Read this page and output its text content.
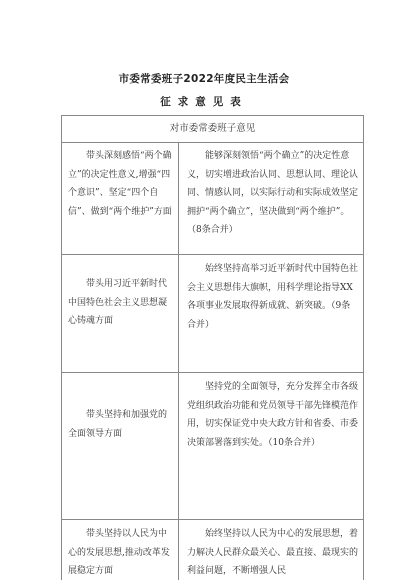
市委常委班子2022年度民主生活会
征求意见表
对市委常委班子意见
带头深刻感悟“两个确立”的决定性意义,增强“四个意识”、坚定“四个自信”、做到“两个维护”方面
能够深刻领悟“两个确立”的决定性意义，切实增进政治认同、思想认同、理论认同、情感认同，以实际行动和实际成效坚定拥护“两个确立”，坚决做到“两个维护”。（8条合并）
带头用习近平新时代中国特色社会主义思想凝心铸魂方面
始终坚持高举习近平新时代中国特色社会主义思想伟大旗帜，用科学理论指导XX各项事业发展取得新成就、新突破。（9条合并）
带头坚持和加强党的全面领导方面
坚持党的全面领导，充分发挥全市各级党组织政治功能和党员领导干部先锋模范作用，切实保证党中央大政方针和省委、市委决策部署落到实处。（10条合并）
带头坚持以人民为中心的发展思想,推动改革发展稳定方面
始终坚持以人民为中心的发展思想，着力解决人民群众最关心、最直接、最现实的利益问题，不断增强人民
